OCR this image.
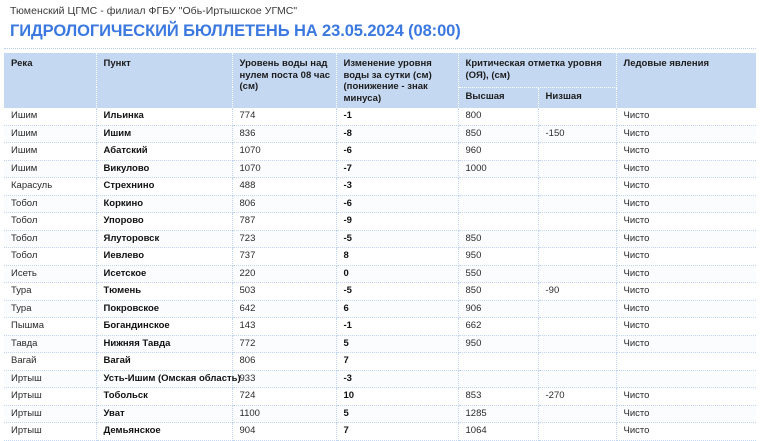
Тюменский ЦГМС - филиал ФГБУ "Обь-Иртышское УГМС"
ГИДРОЛОГИЧЕСКИЙ БЮЛЛЕТЕНЬ НА 23.05.2024 (08:00)
Река	Пункт	Уровень воды над нулем поста 08 час (см)	Изменение уровня воды за сутки (см) (понижение - знак минуса)	Критическая отметка уровня (ОЯ), (см)		Ледовые явления
				Высшая	Низшая	
Ишим	Ильинка	774	-1	800		Чисто
Ишим	Ишим	836	-8	850	-150	Чисто
Ишим	Абатский	1070	-6	960		Чисто
Ишим	Викулово	1070	-7	1000		Чисто
Карасуль	Стрехнино	488	-3			Чисто
Тобол	Коркино	806	-6			Чисто
Тобол	Упорово	787	-9			Чисто
Тобол	Ялуторовск	723	-5	850		Чисто
Тобол	Иевлево	737	8	950		Чисто
Исеть	Исетское	220	0	550		Чисто
Тура	Тюмень	503	-5	850	-90	Чисто
Тура	Покровское	642	6	906		Чисто
Пышма	Богандинское	143	-1	662		Чисто
Тавда	Нижняя Тавда	772	5	950		Чисто
Вагай	Вагай	806	7			
Иртыш	Усть-Ишим (Омская область)	933	-3			
Иртыш	Тобольск	724	10	853	-270	Чисто
Иртыш	Уват	1100	5	1285		Чисто
Иртыш	Демьянское	904	7	1064		Чисто
